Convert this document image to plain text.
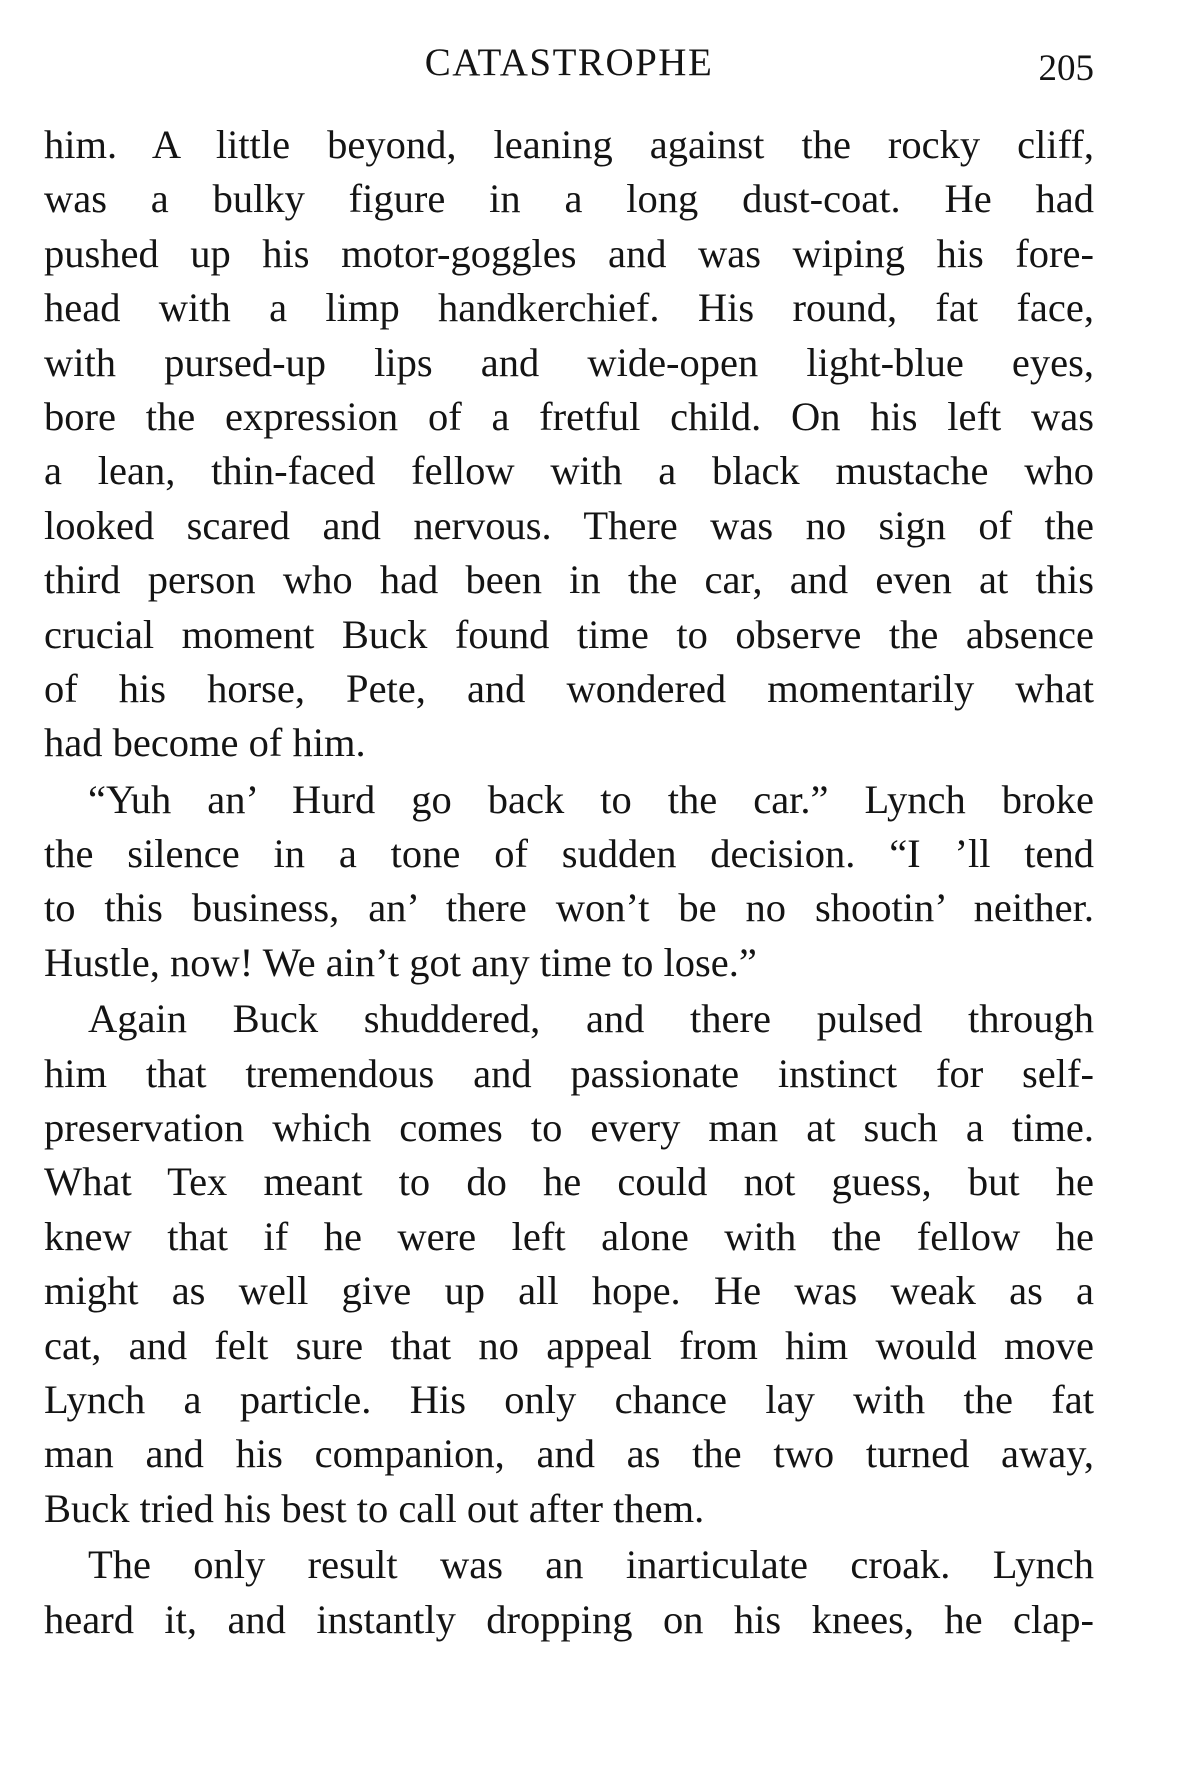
CATASTROPHE	205
him. A little beyond, leaning against the rocky cliff,
was a bulky figure in a long dust-coat. He had
pushed up his motor-goggles and was wiping his fore-
head with a limp handkerchief. His round, fat face,
with pursed-up lips and wide-open light-blue eyes,
bore the expression of a fretful child. On his left was
a lean, thin-faced fellow with a black mustache who
looked scared and nervous. There was no sign of the
third person who had been in the car, and even at this
crucial moment Buck found time to observe the absence
of his horse, Pete, and wondered momentarily what
had become of him.
“Yuh an’ Hurd go back to the car.” Lynch broke
the silence in a tone of sudden decision. “I ’ll tend
to this business, an’ there won’t be no shootin’ neither.
Hustle, now! We ain’t got any time to lose.”
Again Buck shuddered, and there pulsed through
him that tremendous and passionate instinct for self-
preservation which comes to every man at such a time.
What Tex meant to do he could not guess, but he
knew that if he were left alone with the fellow he
might as well give up all hope. He was weak as a
cat, and felt sure that no appeal from him would move
Lynch a particle. His only chance lay with the fat
man and his companion, and as the two turned away,
Buck tried his best to call out after them.
The only result was an inarticulate croak. Lynch
heard it, and instantly dropping on his knees, he clap-
